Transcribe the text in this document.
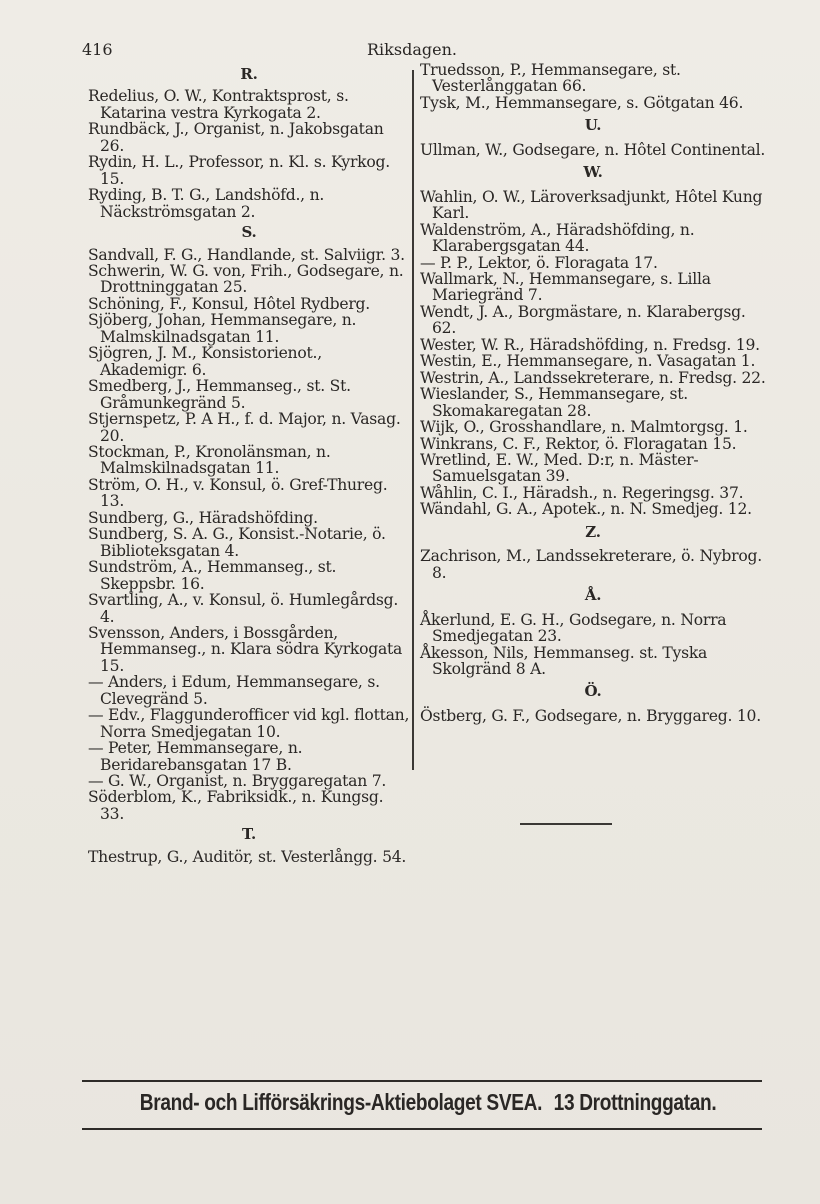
416	Riksdagen.
R.
Redelius, O. W., Kontraktsprost, s. Katarina vestra Kyrkogata 2.
Rundbäck, J., Organist, n. Jakobsgatan 26.
Rydin, H. L., Professor, n. Kl. s. Kyrkog. 15.
Ryding, B. T. G., Landshöfd., n. Näckströmsgatan 2.
S.
Sandvall, F. G., Handlande, st. Salviigr. 3.
Schwerin, W. G. von, Frih., Godsegare, n. Drottninggatan 25.
Schöning, F., Konsul, Hôtel Rydberg.
Sjöberg, Johan, Hemmansegare, n. Malmskilnadsgatan 11.
Sjögren, J. M., Konsistorienot., Akademigr. 6.
Smedberg, J., Hemmanseg., st. St. Gråmunkegränd 5.
Stjernspetz, P. A H., f. d. Major, n. Vasag. 20.
Stockman, P., Kronolänsman, n. Malmskilnadsgatan 11.
Ström, O. H., v. Konsul, ö. Gref-Thureg. 13.
Sundberg, G., Häradshöfding.
Sundberg, S. A. G., Konsist.-Notarie, ö. Biblioteksgatan 4.
Sundström, A., Hemmanseg., st. Skeppsbr. 16.
Svartling, A., v. Konsul, ö. Humlegårdsg. 4.
Svensson, Anders, i Bossgården, Hemmanseg., n. Klara södra Kyrkogata 15.
— Anders, i Edum, Hemmansegare, s. Clevegränd 5.
— Edv., Flaggunderofficer vid kgl. flottan, Norra Smedjegatan 10.
— Peter, Hemmansegare, n. Beridarebansgatan 17 B.
— G. W., Organist, n. Bryggaregatan 7.
Söderblom, K., Fabriksidk., n. Kungsg. 33.
T.
Thestrup, G., Auditör, st. Vesterlångg. 54.
Truedsson, P., Hemmansegare, st. Vesterlånggatan 66.
Tysk, M., Hemmansegare, s. Götgatan 46.
U.
Ullman, W., Godsegare, n. Hôtel Continental.
W.
Wahlin, O. W., Läroverksadjunkt, Hôtel Kung Karl.
Waldenström, A., Häradshöfding, n. Klarabergsgatan 44.
— P. P., Lektor, ö. Floragata 17.
Wallmark, N., Hemmansegare, s. Lilla Mariegränd 7.
Wendt, J. A., Borgmästare, n. Klarabergsg. 62.
Wester, W. R., Häradshöfding, n. Fredsg. 19.
Westin, E., Hemmansegare, n. Vasagatan 1.
Westrin, A., Landssekreterare, n. Fredsg. 22.
Wieslander, S., Hemmansegare, st. Skomakaregatan 28.
Wijk, O., Grosshandlare, n. Malmtorgsg. 1.
Winkrans, C. F., Rektor, ö. Floragatan 15.
Wretlind, E. W., Med. D:r, n. Mäster-Samuelsgatan 39.
Wåhlin, C. I., Häradsh., n. Regeringsg. 37.
Wändahl, G. A., Apotek., n. N. Smedjeg. 12.
Z.
Zachrison, M., Landssekreterare, ö. Nybrog. 8.
Å.
Åkerlund, E. G. H., Godsegare, n. Norra Smedjegatan 23.
Åkesson, Nils, Hemmanseg. st. Tyska Skolgränd 8 A.
Ö.
Östberg, G. F., Godsegare, n. Bryggareg. 10.
Brand- och Lifförsäkrings-Aktiebolaget SVEA. 13 Drottninggatan.
